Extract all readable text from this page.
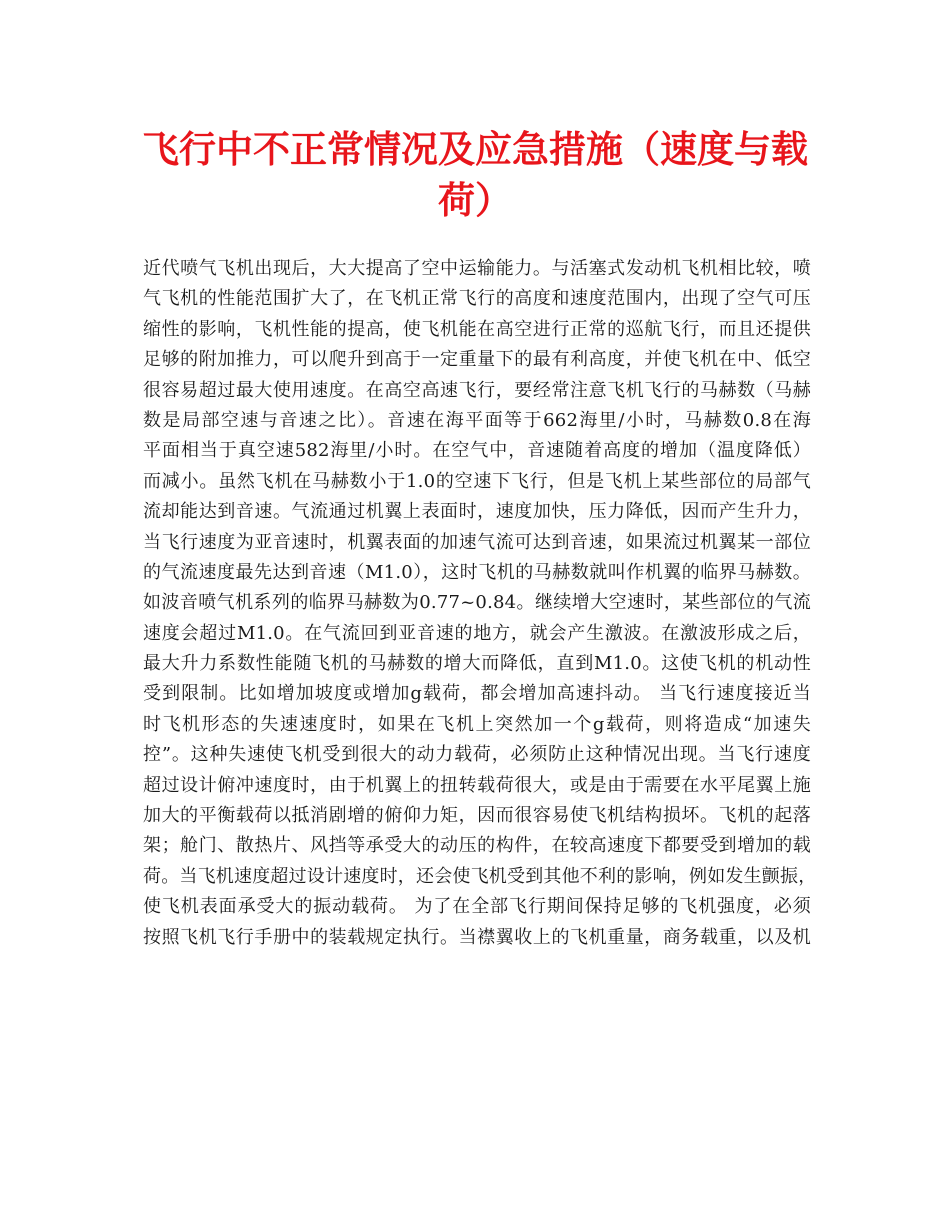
飞行中不正常情况及应急措施（速度与载荷）
近代喷气飞机出现后，大大提高了空中运输能力。与活塞式发动机飞机相比较，喷
气飞机的性能范围扩大了，在飞机正常飞行的高度和速度范围内，出现了空气可压
缩性的影响，飞机性能的提高，使飞机能在高空进行正常的巡航飞行，而且还提供
足够的附加推力，可以爬升到高于一定重量下的最有利高度，并使飞机在中、低空
很容易超过最大使用速度。在高空高速飞行，要经常注意飞机飞行的马赫数（马赫
数是局部空速与音速之比）。音速在海平面等于662海里/小时，马赫数0.8在海
平面相当于真空速582海里/小时。在空气中，音速随着高度的增加（温度降低）
而减小。虽然飞机在马赫数小于1.0的空速下飞行，但是飞机上某些部位的局部气
流却能达到音速。气流通过机翼上表面时，速度加快，压力降低，因而产生升力，
当飞行速度为亚音速时，机翼表面的加速气流可达到音速，如果流过机翼某一部位
的气流速度最先达到音速（M1.0），这时飞机的马赫数就叫作机翼的临界马赫数。
如波音喷气机系列的临界马赫数为0.77~0.84。继续增大空速时，某些部位的气流
速度会超过M1.0。在气流回到亚音速的地方，就会产生激波。在激波形成之后，
最大升力系数性能随飞机的马赫数的增大而降低，直到M1.0。这使飞机的机动性
受到限制。比如增加坡度或增加g载荷，都会增加高速抖动。 当飞行速度接近当
时飞机形态的失速速度时，如果在飞机上突然加一个g载荷，则将造成“加速失
控”。这种失速使飞机受到很大的动力载荷，必须防止这种情况出现。当飞行速度
超过设计俯冲速度时，由于机翼上的扭转载荷很大，或是由于需要在水平尾翼上施
加大的平衡载荷以抵消剧增的俯仰力矩，因而很容易使飞机结构损坏。飞机的起落
架；舱门、散热片、风挡等承受大的动压的构件，在较高速度下都要受到增加的载
荷。当飞机速度超过设计速度时，还会使飞机受到其他不利的影响，例如发生颤振，
使飞机表面承受大的振动载荷。 为了在全部飞行期间保持足够的飞机强度，必须
按照飞机飞行手册中的装载规定执行。当襟翼收上的飞机重量，商务载重，以及机
